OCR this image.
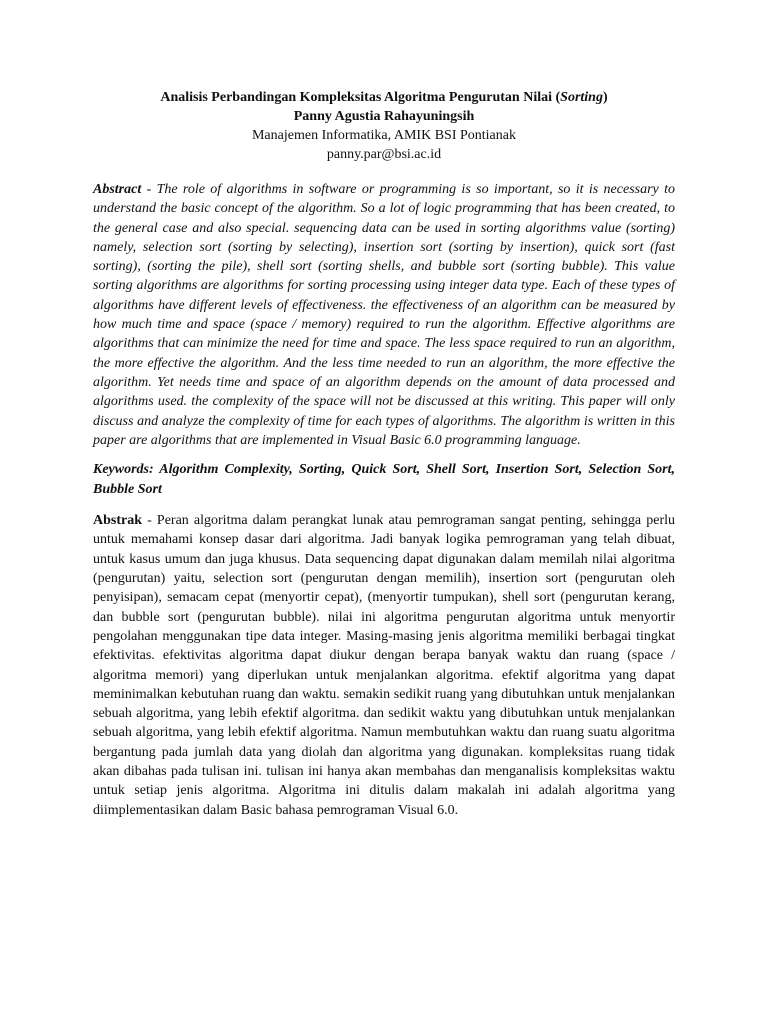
Analisis Perbandingan Kompleksitas Algoritma Pengurutan Nilai (Sorting)
Panny Agustia Rahayuningsih
Manajemen Informatika, AMIK BSI Pontianak
panny.par@bsi.ac.id

Abstract - The role of algorithms in software or programming is so important, so it is necessary to understand the basic concept of the algorithm. So a lot of logic programming that has been created, to the general case and also special. sequencing data can be used in sorting algorithms value (sorting) namely, selection sort (sorting by selecting), insertion sort (sorting by insertion), quick sort (fast sorting), (sorting the pile), shell sort (sorting shells, and bubble sort (sorting bubble). This value sorting algorithms are algorithms for sorting processing using integer data type. Each of these types of algorithms have different levels of effectiveness. the effectiveness of an algorithm can be measured by how much time and space (space / memory) required to run the algorithm. Effective algorithms are algorithms that can minimize the need for time and space. The less space required to run an algorithm, the more effective the algorithm. And the less time needed to run an algorithm, the more effective the algorithm. Yet needs time and space of an algorithm depends on the amount of data processed and algorithms used. the complexity of the space will not be discussed at this writing. This paper will only discuss and analyze the complexity of time for each types of algorithms. The algorithm is written in this paper are algorithms that are implemented in Visual Basic 6.0 programming language.

Keywords: Algorithm Complexity, Sorting, Quick Sort, Shell Sort, Insertion Sort, Selection Sort, Bubble Sort

Abstrak - Peran algoritma dalam perangkat lunak atau pemrograman sangat penting, sehingga perlu untuk memahami konsep dasar dari algoritma. Jadi banyak logika pemrograman yang telah dibuat, untuk kasus umum dan juga khusus. Data sequencing dapat digunakan dalam memilah nilai algoritma (pengurutan) yaitu, selection sort (pengurutan dengan memilih), insertion sort (pengurutan oleh penyisipan), semacam cepat (menyortir cepat), (menyortir tumpukan), shell sort (pengurutan kerang, dan bubble sort (pengurutan bubble). nilai ini algoritma pengurutan algoritma untuk menyortir pengolahan menggunakan tipe data integer. Masing-masing jenis algoritma memiliki berbagai tingkat efektivitas. efektivitas algoritma dapat diukur dengan berapa banyak waktu dan ruang (space / algoritma memori) yang diperlukan untuk menjalankan algoritma. efektif algoritma yang dapat meminimalkan kebutuhan ruang dan waktu. semakin sedikit ruang yang dibutuhkan untuk menjalankan sebuah algoritma, yang lebih efektif algoritma. dan sedikit waktu yang dibutuhkan untuk menjalankan sebuah algoritma, yang lebih efektif algoritma. Namun membutuhkan waktu dan ruang suatu algoritma bergantung pada jumlah data yang diolah dan algoritma yang digunakan. kompleksitas ruang tidak akan dibahas pada tulisan ini. tulisan ini hanya akan membahas dan menganalisis kompleksitas waktu untuk setiap jenis algoritma. Algoritma ini ditulis dalam makalah ini adalah algoritma yang diimplementasikan dalam Basic bahasa pemrograman Visual 6.0.
